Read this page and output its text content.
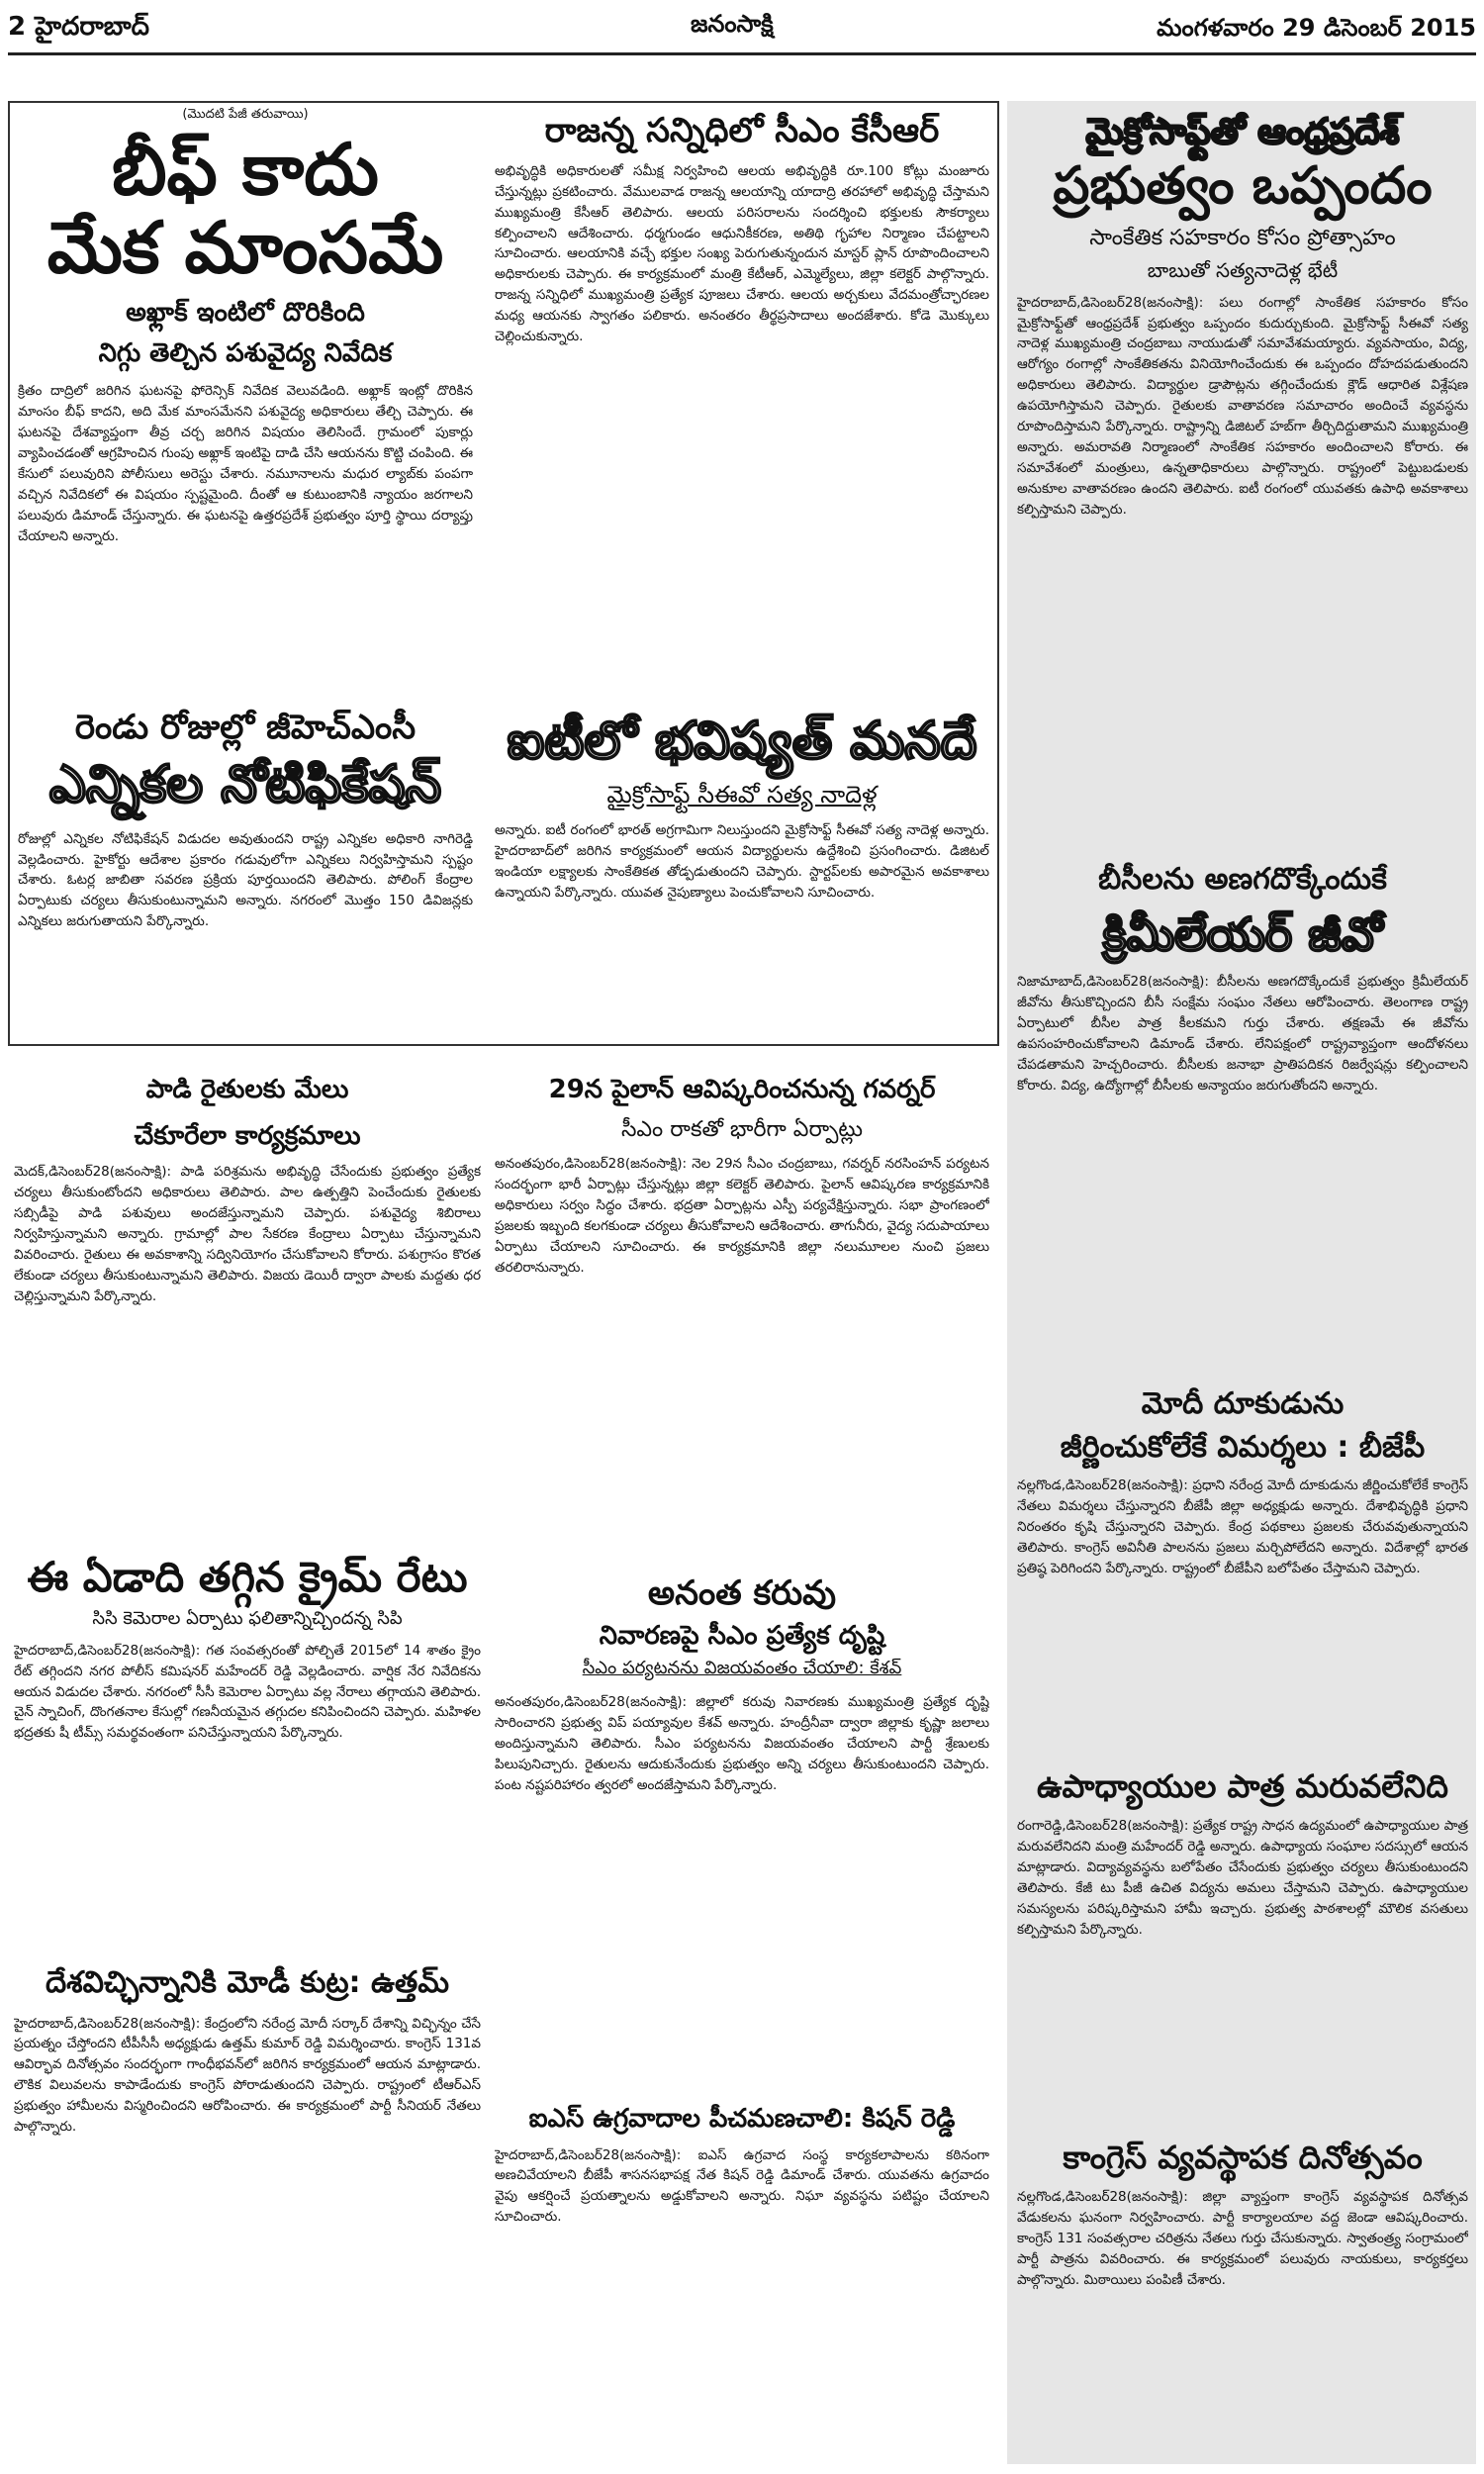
2 హైదరాబాద్	జనంసాక్షి	మంగళవారం 29 డిసెంబర్ 2015
(మొదటి పేజీ తరువాయి)
బీఫ్ కాదు
మేక మాంసమే
అఖ్లాక్ ఇంటిలో దొరికింది
నిగ్గు తెల్చిన పశువైద్య నివేదిక
క్రితం దాద్రిలో జరిగిన ఘటనపై ఫోరెన్సిక్ నివేదిక వెలువడింది. అఖ్లాక్ ఇంట్లో దొరికిన మాంసం బీఫ్ కాదని, అది మేక మాంసమేనని పశువైద్య అధికారులు తేల్చి చెప్పారు. ఈ ఘటనపై దేశవ్యాప్తంగా తీవ్ర చర్చ జరిగిన విషయం తెలిసిందే. గ్రామంలో పుకార్లు వ్యాపించడంతో ఆగ్రహించిన గుంపు అఖ్లాక్ ఇంటిపై దాడి చేసి ఆయనను కొట్టి చంపింది. ఈ కేసులో పలువురిని పోలీసులు అరెస్టు చేశారు. నమూనాలను మధుర ల్యాబ్‌కు పంపగా వచ్చిన నివేదికలో ఈ విషయం స్పష్టమైంది. దీంతో ఆ కుటుంబానికి న్యాయం జరగాలని పలువురు డిమాండ్ చేస్తున్నారు. ఈ ఘటనపై ఉత్తరప్రదేశ్ ప్రభుత్వం పూర్తి స్థాయి దర్యాప్తు చేయాలని అన్నారు.
రెండు రోజుల్లో జీహెచ్ఎంసీ
ఎన్నికల నోటిఫికేషన్
రోజుల్లో ఎన్నికల నోటిఫికేషన్ విడుదల అవుతుందని రాష్ట్ర ఎన్నికల అధికారి నాగిరెడ్డి వెల్లడించారు. హైకోర్టు ఆదేశాల ప్రకారం గడువులోగా ఎన్నికలు నిర్వహిస్తామని స్పష్టం చేశారు. ఓటర్ల జాబితా సవరణ ప్రక్రియ పూర్తయిందని తెలిపారు. పోలింగ్ కేంద్రాల ఏర్పాటుకు చర్యలు తీసుకుంటున్నామని అన్నారు. నగరంలో మొత్తం 150 డివిజన్లకు ఎన్నికలు జరుగుతాయని పేర్కొన్నారు.
రాజన్న సన్నిధిలో సీఎం కేసీఆర్
అభివృద్ధికి అధికారులతో సమీక్ష నిర్వహించి ఆలయ అభివృద్ధికి రూ.100 కోట్లు మంజూరు చేస్తున్నట్లు ప్రకటించారు. వేములవాడ రాజన్న ఆలయాన్ని యాదాద్రి తరహాలో అభివృద్ధి చేస్తామని ముఖ్యమంత్రి కేసీఆర్ తెలిపారు. ఆలయ పరిసరాలను సందర్శించి భక్తులకు సౌకర్యాలు కల్పించాలని ఆదేశించారు. ధర్మగుండం ఆధునికీకరణ, అతిథి గృహాల నిర్మాణం చేపట్టాలని సూచించారు. ఆలయానికి వచ్చే భక్తుల సంఖ్య పెరుగుతున్నందున మాస్టర్ ప్లాన్ రూపొందించాలని అధికారులకు చెప్పారు. ఈ కార్యక్రమంలో మంత్రి కేటీఆర్, ఎమ్మెల్యేలు, జిల్లా కలెక్టర్ పాల్గొన్నారు. రాజన్న సన్నిధిలో ముఖ్యమంత్రి ప్రత్యేక పూజలు చేశారు. ఆలయ అర్చకులు వేదమంత్రోచ్ఛారణల మధ్య ఆయనకు స్వాగతం పలికారు. అనంతరం తీర్థప్రసాదాలు అందజేశారు. కోడె మొక్కులు చెల్లించుకున్నారు.
ఐటీలో భవిష్యత్ మనదే
మైక్రోసాఫ్ట్ సీఈవో సత్య నాదెళ్ల
అన్నారు. ఐటీ రంగంలో భారత్ అగ్రగామిగా నిలుస్తుందని మైక్రోసాఫ్ట్ సీఈవో సత్య నాదెళ్ల అన్నారు. హైదరాబాద్‌లో జరిగిన కార్యక్రమంలో ఆయన విద్యార్థులను ఉద్దేశించి ప్రసంగించారు. డిజిటల్ ఇండియా లక్ష్యాలకు సాంకేతికత తోడ్పడుతుందని చెప్పారు. స్టార్టప్‌లకు అపారమైన అవకాశాలు ఉన్నాయని పేర్కొన్నారు. యువత నైపుణ్యాలు పెంచుకోవాలని సూచించారు.
పాడి రైతులకు మేలు
చేకూరేలా కార్యక్రమాలు
మెదక్,డిసెంబర్28(జనంసాక్షి): పాడి పరిశ్రమను అభివృద్ధి చేసేందుకు ప్రభుత్వం ప్రత్యేక చర్యలు తీసుకుంటోందని అధికారులు తెలిపారు. పాల ఉత్పత్తిని పెంచేందుకు రైతులకు సబ్సిడీపై పాడి పశువులు అందజేస్తున్నామని చెప్పారు. పశువైద్య శిబిరాలు నిర్వహిస్తున్నామని అన్నారు. గ్రామాల్లో పాల సేకరణ కేంద్రాలు ఏర్పాటు చేస్తున్నామని వివరించారు. రైతులు ఈ అవకాశాన్ని సద్వినియోగం చేసుకోవాలని కోరారు. పశుగ్రాసం కొరత లేకుండా చర్యలు తీసుకుంటున్నామని తెలిపారు. విజయ డెయిరీ ద్వారా పాలకు మద్దతు ధర చెల్లిస్తున్నామని పేర్కొన్నారు.
29న పైలాన్ ఆవిష్కరించనున్న గవర్నర్
సీఎం రాకతో భారీగా ఏర్పాట్లు
అనంతపురం,డిసెంబర్28(జనంసాక్షి): నెల 29న సీఎం చంద్రబాబు, గవర్నర్ నరసింహన్ పర్యటన సందర్భంగా భారీ ఏర్పాట్లు చేస్తున్నట్లు జిల్లా కలెక్టర్ తెలిపారు. పైలాన్ ఆవిష్కరణ కార్యక్రమానికి అధికారులు సర్వం సిద్ధం చేశారు. భద్రతా ఏర్పాట్లను ఎస్పీ పర్యవేక్షిస్తున్నారు. సభా ప్రాంగణంలో ప్రజలకు ఇబ్బంది కలగకుండా చర్యలు తీసుకోవాలని ఆదేశించారు. తాగునీరు, వైద్య సదుపాయాలు ఏర్పాటు చేయాలని సూచించారు. ఈ కార్యక్రమానికి జిల్లా నలుమూలల నుంచి ప్రజలు తరలిరానున్నారు.
అనంత కరువు
నివారణపై సీఎం ప్రత్యేక దృష్టి
సీఎం పర్యటనను విజయవంతం చేయాలి: కేశవ్
అనంతపురం,డిసెంబర్28(జనంసాక్షి): జిల్లాలో కరువు నివారణకు ముఖ్యమంత్రి ప్రత్యేక దృష్టి సారించారని ప్రభుత్వ విప్ పయ్యావుల కేశవ్ అన్నారు. హంద్రీనీవా ద్వారా జిల్లాకు కృష్ణా జలాలు అందిస్తున్నామని తెలిపారు. సీఎం పర్యటనను విజయవంతం చేయాలని పార్టీ శ్రేణులకు పిలుపునిచ్చారు. రైతులను ఆదుకునేందుకు ప్రభుత్వం అన్ని చర్యలు తీసుకుంటుందని చెప్పారు. పంట నష్టపరిహారం త్వరలో అందజేస్తామని పేర్కొన్నారు.
ఈ ఏడాది తగ్గిన క్రైమ్ రేటు
సిసి కెమెరాల ఏర్పాటు ఫలితాన్నిచ్చిందన్న సిపి
హైదరాబాద్,డిసెంబర్28(జనంసాక్షి): గత సంవత్సరంతో పోల్చితే 2015లో 14 శాతం క్రైం రేట్ తగ్గిందని నగర పోలీస్ కమిషనర్ మహేందర్ రెడ్డి వెల్లడించారు. వార్షిక నేర నివేదికను ఆయన విడుదల చేశారు. నగరంలో సీసీ కెమెరాల ఏర్పాటు వల్ల నేరాలు తగ్గాయని తెలిపారు. చైన్ స్నాచింగ్, దొంగతనాల కేసుల్లో గణనీయమైన తగ్గుదల కనిపించిందని చెప్పారు. మహిళల భద్రతకు షీ టీమ్స్ సమర్థవంతంగా పనిచేస్తున్నాయని పేర్కొన్నారు.
దేశవిచ్ఛిన్నానికి మోడీ కుట్ర: ఉత్తమ్
హైదరాబాద్,డిసెంబర్28(జనంసాక్షి): కేంద్రంలోని నరేంద్ర మోదీ సర్కార్ దేశాన్ని విచ్ఛిన్నం చేసే ప్రయత్నం చేస్తోందని టీపీసీసీ అధ్యక్షుడు ఉత్తమ్ కుమార్ రెడ్డి విమర్శించారు. కాంగ్రెస్ 131వ ఆవిర్భావ దినోత్సవం సందర్భంగా గాంధీభవన్‌లో జరిగిన కార్యక్రమంలో ఆయన మాట్లాడారు. లౌకిక విలువలను కాపాడేందుకు కాంగ్రెస్ పోరాడుతుందని చెప్పారు. రాష్ట్రంలో టీఆర్ఎస్ ప్రభుత్వం హామీలను విస్మరించిందని ఆరోపించారు. ఈ కార్యక్రమంలో పార్టీ సీనియర్ నేతలు పాల్గొన్నారు.	ఐఎస్ ఉగ్రవాదాల పీచమణచాలి: కిషన్ రెడ్డి
హైదరాబాద్,డిసెంబర్28(జనంసాక్షి): ఐఎస్ ఉగ్రవాద సంస్థ కార్యకలాపాలను కఠినంగా అణచివేయాలని బీజేపీ శాసనసభాపక్ష నేత కిషన్ రెడ్డి డిమాండ్ చేశారు. యువతను ఉగ్రవాదం వైపు ఆకర్షించే ప్రయత్నాలను అడ్డుకోవాలని అన్నారు. నిఘా వ్యవస్థను పటిష్టం చేయాలని సూచించారు.
మైక్రోసాఫ్ట్‌తో ఆంధ్రప్రదేశ్
ప్రభుత్వం ఒప్పందం
సాంకేతిక సహకారం కోసం ప్రోత్సాహం
బాబుతో సత్యనాదెళ్ల భేటీ
హైదరాబాద్,డిసెంబర్28(జనంసాక్షి): పలు రంగాల్లో సాంకేతిక సహకారం కోసం మైక్రోసాఫ్ట్‌తో ఆంధ్రప్రదేశ్ ప్రభుత్వం ఒప్పందం కుదుర్చుకుంది. మైక్రోసాఫ్ట్ సీఈవో సత్య నాదెళ్ల ముఖ్యమంత్రి చంద్రబాబు నాయుడుతో సమావేశమయ్యారు. వ్యవసాయం, విద్య, ఆరోగ్యం రంగాల్లో సాంకేతికతను వినియోగించేందుకు ఈ ఒప్పందం దోహదపడుతుందని అధికారులు తెలిపారు. విద్యార్థుల డ్రాపౌట్లను తగ్గించేందుకు క్లౌడ్ ఆధారిత విశ్లేషణ ఉపయోగిస్తామని చెప్పారు. రైతులకు వాతావరణ సమాచారం అందించే వ్యవస్థను రూపొందిస్తామని పేర్కొన్నారు. రాష్ట్రాన్ని డిజిటల్ హబ్‌గా తీర్చిదిద్దుతామని ముఖ్యమంత్రి అన్నారు. అమరావతి నిర్మాణంలో సాంకేతిక సహకారం అందించాలని కోరారు. ఈ సమావేశంలో మంత్రులు, ఉన్నతాధికారులు పాల్గొన్నారు. రాష్ట్రంలో పెట్టుబడులకు అనుకూల వాతావరణం ఉందని తెలిపారు. ఐటీ రంగంలో యువతకు ఉపాధి అవకాశాలు కల్పిస్తామని చెప్పారు.
బీసీలను అణగదొక్కేందుకే
క్రిమీలేయర్ జీవో
నిజామాబాద్,డిసెంబర్28(జనంసాక్షి): బీసీలను అణగదొక్కేందుకే ప్రభుత్వం క్రిమీలేయర్ జీవోను తీసుకొచ్చిందని బీసీ సంక్షేమ సంఘం నేతలు ఆరోపించారు. తెలంగాణ రాష్ట్ర ఏర్పాటులో బీసీల పాత్ర కీలకమని గుర్తు చేశారు. తక్షణమే ఈ జీవోను ఉపసంహరించుకోవాలని డిమాండ్ చేశారు. లేనిపక్షంలో రాష్ట్రవ్యాప్తంగా ఆందోళనలు చేపడతామని హెచ్చరించారు. బీసీలకు జనాభా ప్రాతిపదికన రిజర్వేషన్లు కల్పించాలని కోరారు. విద్య, ఉద్యోగాల్లో బీసీలకు అన్యాయం జరుగుతోందని అన్నారు.
మోదీ దూకుడును
జీర్ణించుకోలేకే విమర్శలు : బీజేపీ
నల్లగొండ,డిసెంబర్28(జనంసాక్షి): ప్రధాని నరేంద్ర మోదీ దూకుడును జీర్ణించుకోలేకే కాంగ్రెస్ నేతలు విమర్శలు చేస్తున్నారని బీజేపీ జిల్లా అధ్యక్షుడు అన్నారు. దేశాభివృద్ధికి ప్రధాని నిరంతరం కృషి చేస్తున్నారని చెప్పారు. కేంద్ర పథకాలు ప్రజలకు చేరువవుతున్నాయని తెలిపారు. కాంగ్రెస్ అవినీతి పాలనను ప్రజలు మర్చిపోలేదని అన్నారు. విదేశాల్లో భారత ప్రతిష్ఠ పెరిగిందని పేర్కొన్నారు. రాష్ట్రంలో బీజేపీని బలోపేతం చేస్తామని చెప్పారు.
ఉపాధ్యాయుల పాత్ర మరువలేనిది
రంగారెడ్డి,డిసెంబర్28(జనంసాక్షి): ప్రత్యేక రాష్ట్ర సాధన ఉద్యమంలో ఉపాధ్యాయుల పాత్ర మరువలేనిదని మంత్రి మహేందర్ రెడ్డి అన్నారు. ఉపాధ్యాయ సంఘాల సదస్సులో ఆయన మాట్లాడారు. విద్యావ్యవస్థను బలోపేతం చేసేందుకు ప్రభుత్వం చర్యలు తీసుకుంటుందని తెలిపారు. కేజీ టు పీజీ ఉచిత విద్యను అమలు చేస్తామని చెప్పారు. ఉపాధ్యాయుల సమస్యలను పరిష్కరిస్తామని హామీ ఇచ్చారు. ప్రభుత్వ పాఠశాలల్లో మౌలిక వసతులు కల్పిస్తామని పేర్కొన్నారు.
కాంగ్రెస్ వ్యవస్థాపక దినోత్సవం
నల్లగొండ,డిసెంబర్28(జనంసాక్షి): జిల్లా వ్యాప్తంగా కాంగ్రెస్ వ్యవస్థాపక దినోత్సవ వేడుకలను ఘనంగా నిర్వహించారు. పార్టీ కార్యాలయాల వద్ద జెండా ఆవిష్కరించారు. కాంగ్రెస్ 131 సంవత్సరాల చరిత్రను నేతలు గుర్తు చేసుకున్నారు. స్వాతంత్ర్య సంగ్రామంలో పార్టీ పాత్రను వివరించారు. ఈ కార్యక్రమంలో పలువురు నాయకులు, కార్యకర్తలు పాల్గొన్నారు. మిఠాయిలు పంపిణీ చేశారు.
